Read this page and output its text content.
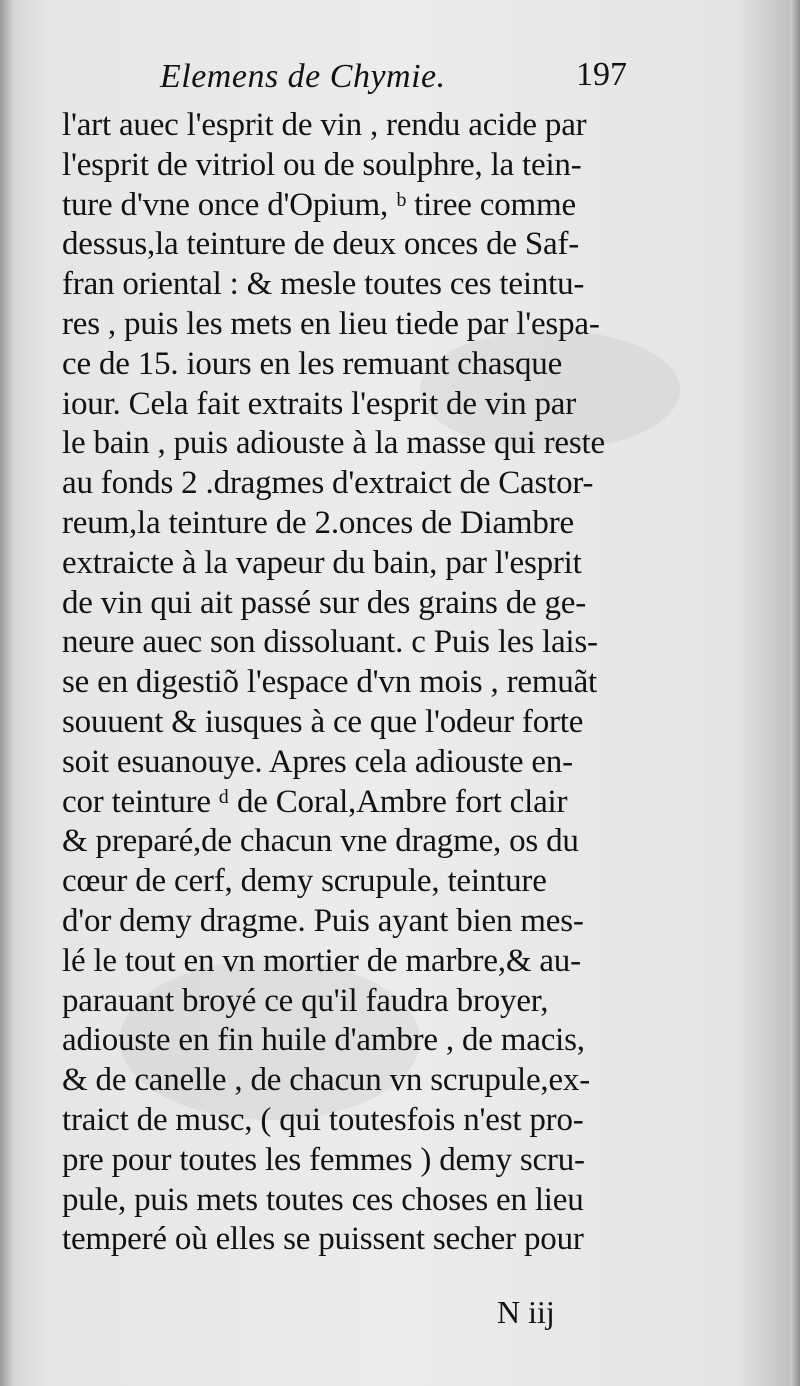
Elemens de Chymie.	197
l'art auec l'esprit de vin , rendu acide par
l'esprit de vitriol ou de soulphre, la tein-
ture d'vne once d'Opium, ᵇ tiree comme
dessus,la teinture de deux onces de Saf-
fran oriental : & mesle toutes ces teintu-
res , puis les mets en lieu tiede par l'espa-
ce de 15. iours en les remuant chasque
iour. Cela fait extraits l'esprit de vin par
le bain , puis adiouste à la masse qui reste
au fonds 2 .dragmes d'extraict de Castor-
reum,la teinture de 2.onces de Diambre
extraicte à la vapeur du bain, par l'esprit
de vin qui ait passé sur des grains de ge-
neure auec son dissoluant. c Puis les lais-
se en digestiõ l'espace d'vn mois , remuãt
souuent & iusques à ce que l'odeur forte
soit esuanouye. Apres cela adiouste en-
cor teinture ᵈ de Coral,Ambre fort clair
& preparé,de chacun vne dragme, os du
cœur de cerf, demy scrupule, teinture
d'or demy dragme. Puis ayant bien mes-
lé le tout en vn mortier de marbre,& au-
parauant broyé ce qu'il faudra broyer,
adiouste en fin huile d'ambre , de macis,
& de canelle , de chacun vn scrupule,ex-
traict de musc, ( qui toutesfois n'est pro-
pre pour toutes les femmes ) demy scru-
pule, puis mets toutes ces choses en lieu
temperé où elles se puissent secher pour
N iij
